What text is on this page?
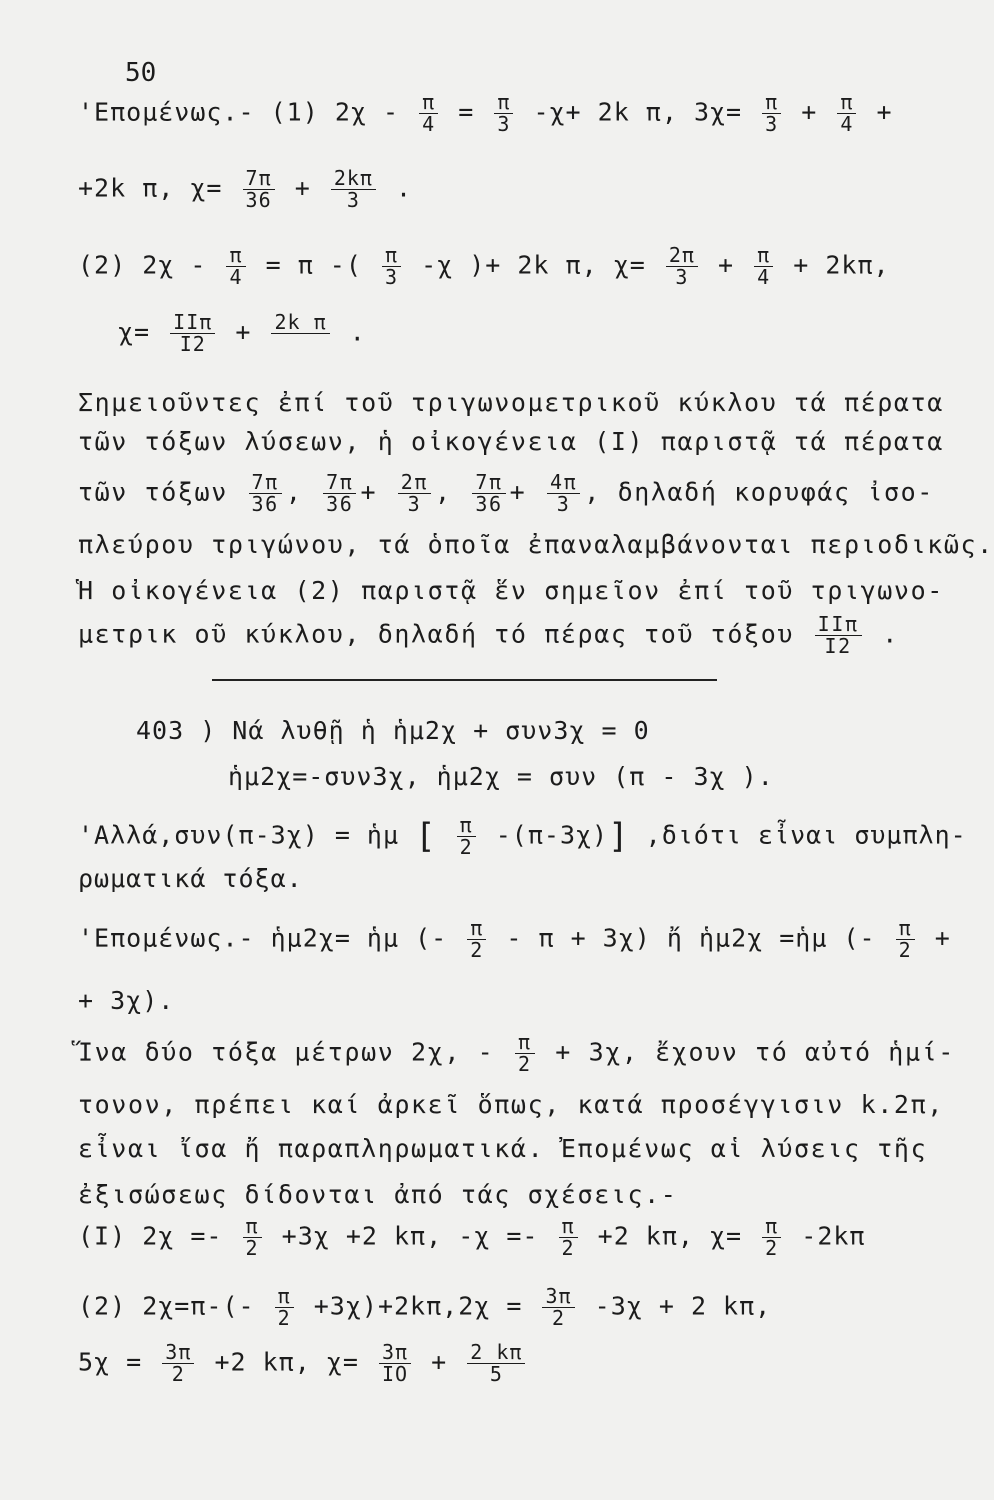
50
'Επομένως.- (1) $2\chi - \frac{\pi}{4} = \frac{\pi}{3} -\chi+ 2k$ π, $3\chi= \frac{\pi}{3} + \frac{\pi}{4}$ +
+2k π, $\chi= \frac{7\pi}{36} + \frac{2k\pi}{3}$ .
(2) $2\chi - \frac{\pi}{4} = \pi$ -( $\frac{\pi}{3} -\chi$ )+ 2k π, $\chi= \frac{2\pi}{3} + \frac{\pi}{4} + 2k\pi$,
$\chi= \frac{\text{IIπ}}{I2} + 2k$ π
.
Σημειοῦντες ἐπί τοῦ τριγωνομετρικοῦ κύκλου τά πέρατα
τῶν τόξων λύσεων, ἡ οἰκογένεια (I) παριστᾷ τά πέρατα
τῶν τόξων $\frac{7\pi}{36}$ , $\frac{7\pi}{36} + \frac{2\pi}{3}$ , $\frac{7\pi}{36} + \frac{4\pi}{3}$ , δηλαδή κορυφάς ἰσο-
πλεύρου τριγώνου, τά ὁποῖα ἐπαναλαμβάνονται περιοδικῶς.
Ἡ οἰκογένεια (2) παριστᾷ ἕν σημεῖον ἐπί τοῦ τριγωνο-
μετρικ οῦ κύκλου, δηλαδή τό πέρας τοῦ τόξου $\frac{\text{IIπ}}{I2}$ .
403 ) Νά λυθῇ ἡ ἡμ2χ + συν3χ = 0
ἡμ2χ=-συν3χ, ἡμ2χ = συν (π - 3χ ).
'Αλλά,συν(π-3χ) = ἡμ [ $\frac{\pi}{2} -(\pi-3\chi)$] ,διότι εἶναι συμπλη-
ρωματικά τόξα.
'Επομένως.- ἡμ2χ= ἡμ (- $\frac{\pi}{2} - \pi + 3\chi$) ἤ ἡμ2χ =ἡμ (- $\frac{\pi}{2}$ +
+ 3χ).
Ἵνα δύο τόξα μέτρων 2χ, - $\frac{\pi}{2} + 3\chi$, ἔχουν τό αὐτό ἡμί-
τονον, πρέπει καί ἀρκεῖ ὅπως, κατά προσέγγισιν k.2π,
εἶναι ἴσα ἤ παραπληρωματικά. Ἐπομένως αἱ λύσεις τῆς
ἐξισώσεως δίδονται ἀπό τάς σχέσεις.-
(I) $2\chi =- \frac{\pi}{2} +3\chi +2$ kπ, $-\chi =- \frac{\pi}{2} +2$ kπ, $\chi= \frac{\pi}{2} -2k\pi$
(2) $2\chi=\pi-(- \frac{\pi}{2} +3\chi)+2k\pi,2\chi = \frac{3\pi}{2} -3\chi + 2$ kπ,
$5\chi = \frac{3\pi}{2} +2$ kπ, $\chi= \frac{3\pi}{IO} + \frac{2 k\pi}{5}$
